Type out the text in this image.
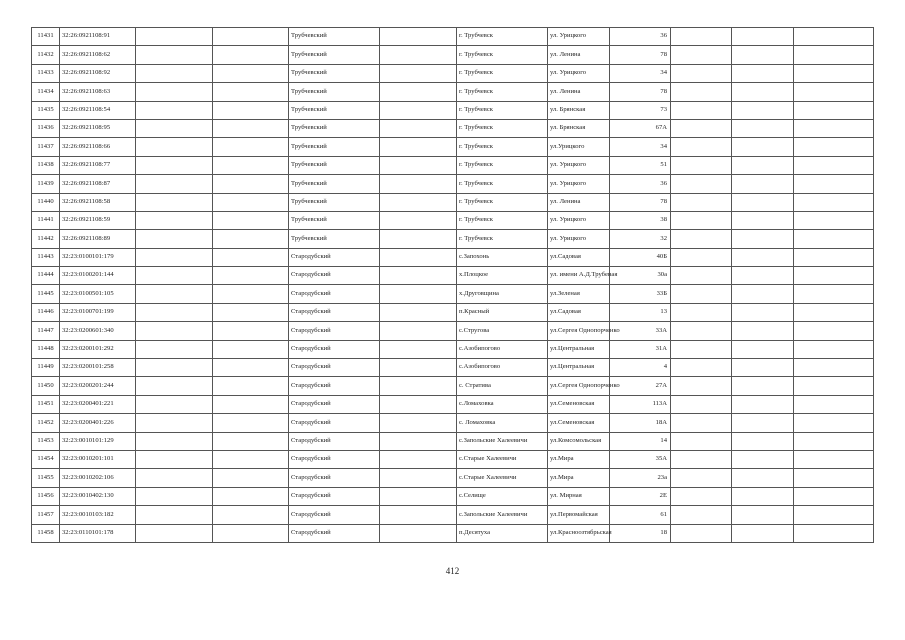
11431	32:26:0921108:91			Трубчевский		г. Трубчевск	ул. Урицкого	36			
11432	32:26:0921108:62			Трубчевский		г. Трубчевск	ул. Ленина	78			
11433	32:26:0921108:92			Трубчевский		г. Трубчевск	ул. Урицкого	34			
11434	32:26:0921108:63			Трубчевский		г. Трубчевск	ул. Ленина	78			
11435	32:26:0921108:54			Трубчевский		г. Трубчевск	ул. Брянская	73			
11436	32:26:0921108:95			Трубчевский		г. Трубчевск	ул. Брянская	67А			
11437	32:26:0921108:66			Трубчевский		г. Трубчевск	ул.Урицкого	34			
11438	32:26:0921108:77			Трубчевский		г. Трубчевск	ул. Урицкого	51			
11439	32:26:0921108:87			Трубчевский		г. Трубчевск	ул. Урицкого	36			
11440	32:26:0921108:58			Трубчевский		г. Трубчевск	ул. Ленина	78			
11441	32:26:0921108:59			Трубчевский		г. Трубчевск	ул. Урицкого	38			
11442	32:26:0921108:89			Трубчевский		г. Трубчевск	ул. Урицкого	32			
11443	32:23:0100101:179			Стародубский		с.Запохонь	ул.Садовая	40Б			
11444	32:23:0100201:144			Стародубский		х.Плоцкое	ул. имени А.Д.Трубеная	30а			
11445	32:23:0100501:105			Стародубский		х.Друговщина	ул.Зеленая	33Б			
11446	32:23:0100701:199			Стародубский		п.Красный	ул.Садовая	13			
11447	32:23:0200601:340			Стародубский		с.Стругова	ул.Сергея Однопорченко	33А			
11448	32:23:0200101:292			Стародубский		с.Азобипогово	ул.Центральная	31А			
11449	32:23:0200101:258			Стародубский		с.Азобипогово	ул.Центральная	4			
11450	32:23:0200201:244			Стародубский		с. Стратива	ул.Сергея Однопорченко	27А			
11451	32:23:0200401:221			Стародубский		с.Ломаховка	ул.Семеновская	113А			
11452	32:23:0200401:226			Стародубский		с. Ломаховка	ул.Семеновская	18А			
11453	32:23:0010101:129			Стародубский		с.Запольские Халеевичи	ул.Комсомольская	14			
11454	32:23:0010201:101			Стародубский		с.Старые Халеевичи	ул.Мира	35А			
11455	32:23:0010202:106			Стародубский		с.Старые Халеевичи	ул.Мира	23а			
11456	32:23:0010402:130			Стародубский		с.Селище	ул. Мирная	2Е			
11457	32:23:0010103:182			Стародубский		с.Запольские Халеевичи	ул.Первомайская	61			
11458	32:23:0110101:178			Стародубский		п.Десятуха	ул.Красноозтябрьская	18			
412
